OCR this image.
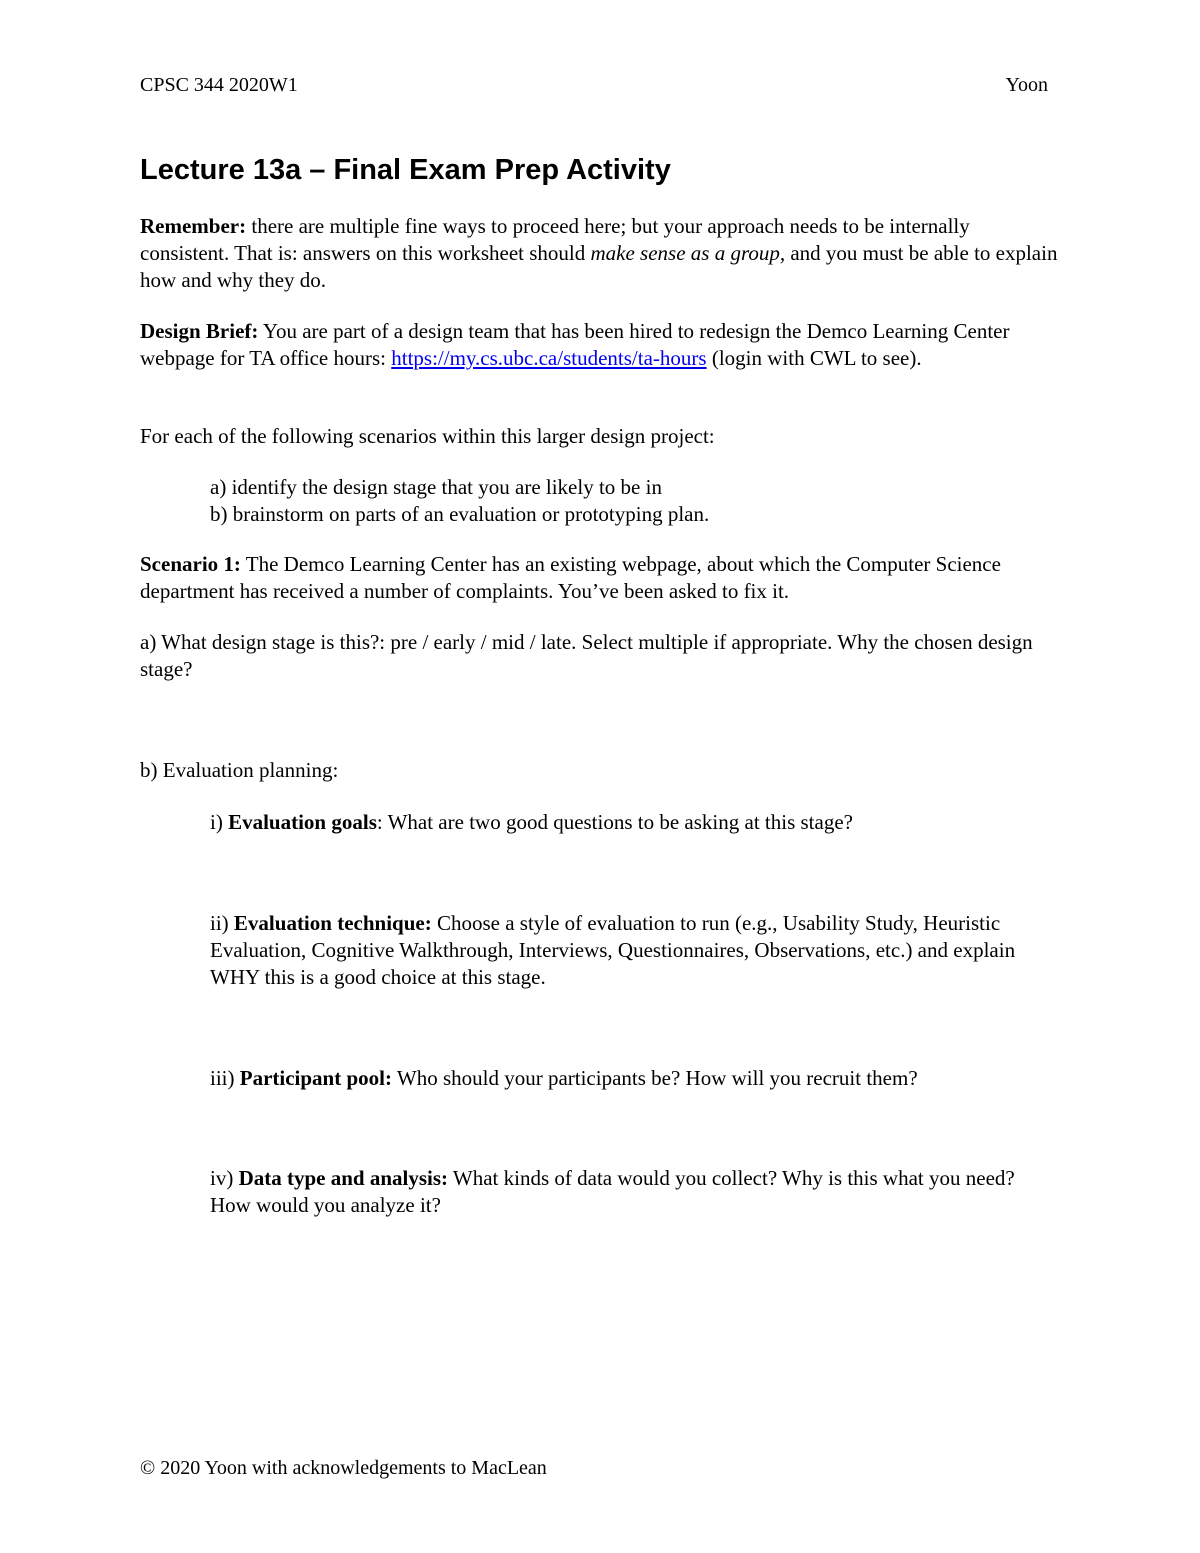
CPSC 344 2020W1	Yoon
Lecture 13a – Final Exam Prep Activity

Remember: there are multiple fine ways to proceed here; but your approach needs to be internally consistent. That is: answers on this worksheet should make sense as a group, and you must be able to explain how and why they do.

Design Brief: You are part of a design team that has been hired to redesign the Demco Learning Center webpage for TA office hours: https://my.cs.ubc.ca/students/ta-hours (login with CWL to see).

For each of the following scenarios within this larger design project:

a) identify the design stage that you are likely to be in

b) brainstorm on parts of an evaluation or prototyping plan.

Scenario 1: The Demco Learning Center has an existing webpage, about which the Computer Science department has received a number of complaints. You’ve been asked to fix it.

a) What design stage is this?: pre / early / mid / late. Select multiple if appropriate. Why the chosen design stage?

b) Evaluation planning:

i) Evaluation goals: What are two good questions to be asking at this stage?

ii) Evaluation technique: Choose a style of evaluation to run (e.g., Usability Study, Heuristic Evaluation, Cognitive Walkthrough, Interviews, Questionnaires, Observations, etc.) and explain WHY this is a good choice at this stage.

iii) Participant pool: Who should your participants be? How will you recruit them?

iv) Data type and analysis: What kinds of data would you collect? Why is this what you need? How would you analyze it?

© 2020 Yoon with acknowledgements to MacLean
